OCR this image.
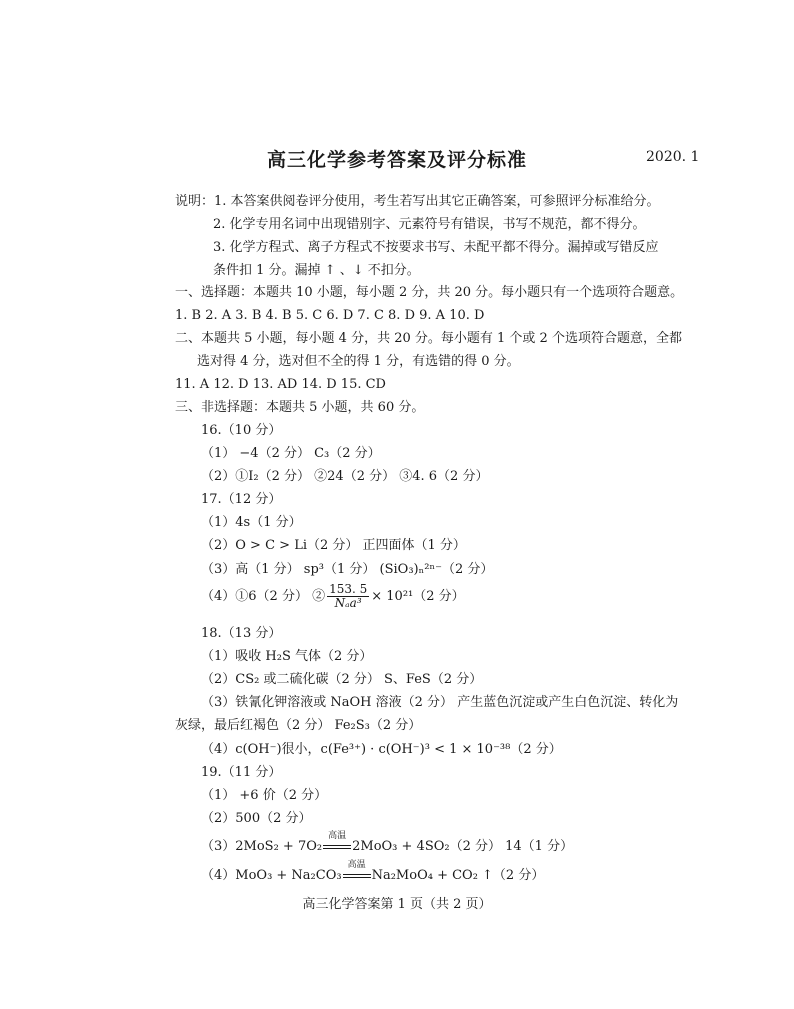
高三化学参考答案及评分标准	2020. 1
说明：1. 本答案供阅卷评分使用，考生若写出其它正确答案，可参照评分标准给分。
2. 化学专用名词中出现错别字、元素符号有错误，书写不规范，都不得分。
3. 化学方程式、离子方程式不按要求书写、未配平都不得分。漏掉或写错反应
条件扣 1 分。漏掉 ↑ 、↓ 不扣分。
一、选择题：本题共 10 小题，每小题 2 分，共 20 分。每小题只有一个选项符合题意。
1. B 2. A 3. B 4. B 5. C 6. D 7. C 8. D 9. A 10. D
二、本题共 5 小题，每小题 4 分，共 20 分。每小题有 1 个或 2 个选项符合题意，全都
选对得 4 分，选对但不全的得 1 分，有选错的得 0 分。
11. A 12. D 13. AD 14. D 15. CD
三、非选择题：本题共 5 小题，共 60 分。
16.（10 分）
（1） −4（2 分） C₃（2 分）
（2）①I₂（2 分） ②24（2 分） ③4. 6（2 分）
17.（12 分）
（1）4s（1 分）
（2）O > C > Li（2 分） 正四面体（1 分）
（3）高（1 分） sp³（1 分） (SiO₃)ₙ²ⁿ⁻（2 分）
（4）①6（2 分） ② $\frac{153. 5}{\text{Nₐa³}} \times 10^{21}(2$ 分）
18.（13 分）
（1）吸收 H₂S 气体（2 分）
（2）CS₂ 或二硫化碳（2 分） S、FeS（2 分）
（3）铁氰化钾溶液或 NaOH 溶液（2 分） 产生蓝色沉淀或产生白色沉淀、转化为
灰绿，最后红褐色（2 分） Fe₂S₃（2 分）
（4）c(OH⁻)很小，c(Fe³⁺) · c(OH⁻)³ < 1 × 10⁻³⁸（2 分）
19.（11 分）
（1） +6 价（2 分）
（2）500（2 分）
（3）2MoS₂ + 7O₂
高温
2MoO₃ + 4SO₂（2 分） 14（1 分）
（4）MoO₃ + Na₂CO₃
高温
Na₂MoO₄ + CO₂ ↑（2 分）
高三化学答案第 1 页（共 2 页）
